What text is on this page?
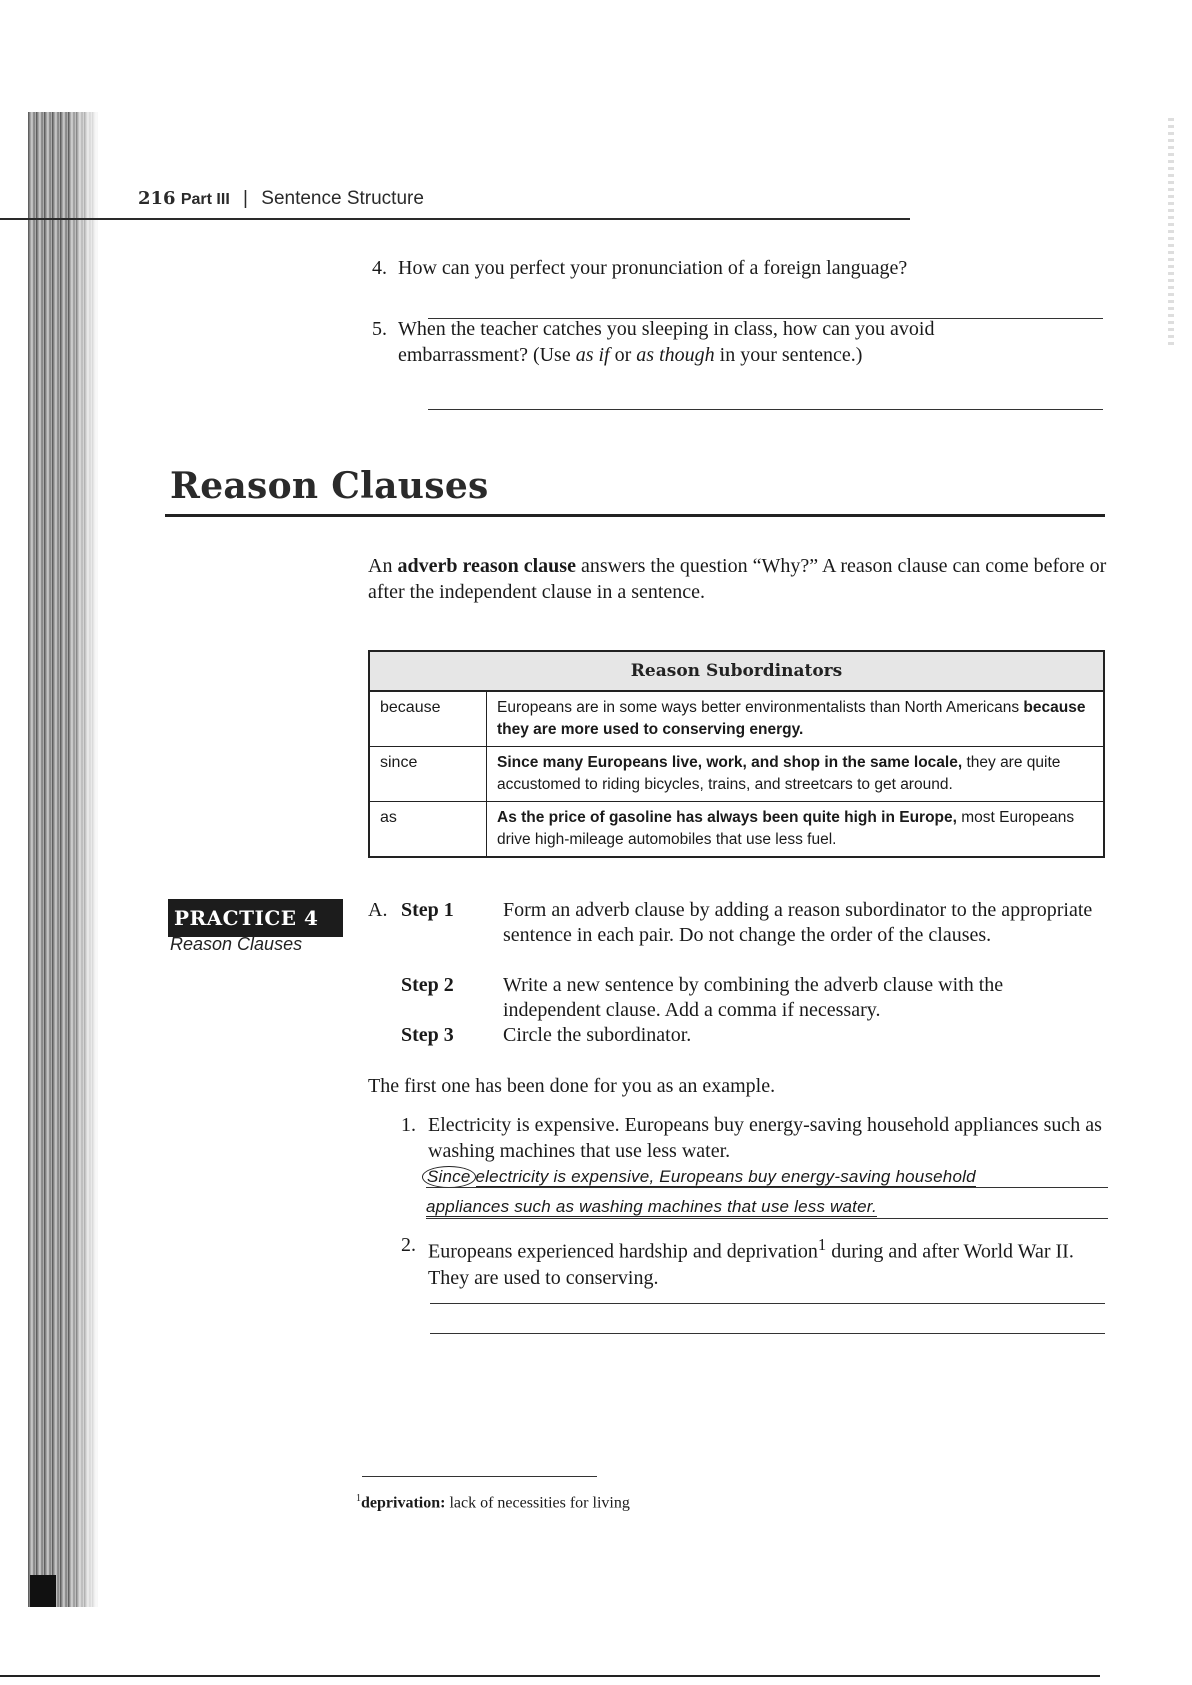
216 Part III | Sentence Structure
4. How can you perfect your pronunciation of a foreign language?
5. When the teacher catches you sleeping in class, how can you avoid
embarrassment? (Use as if or as though in your sentence.)
Reason Clauses
An adverb reason clause answers the question “Why?” A reason clause can come before or after the independent clause in a sentence.
Reason Subordinators	
because	Europeans are in some ways better environmentalists than North Americans because they are more used to conserving energy.
since	Since many Europeans live, work, and shop in the same locale, they are quite accustomed to riding bicycles, trains, and streetcars to get around.
as	As the price of gasoline has always been quite high in Europe, most Europeans drive high-mileage automobiles that use less fuel.
PRACTICE 4
Reason Clauses
A. Step 1	Form an adverb clause by adding a reason subordinator to the appropriate sentence in each pair. Do not change the order of the clauses.
Step 2	Write a new sentence by combining the adverb clause with the independent clause. Add a comma if necessary.
Step 3	Circle the subordinator.
The first one has been done for you as an example.
1. Electricity is expensive. Europeans buy energy-saving household appliances such as washing machines that use less water.
Since electricity is expensive, Europeans buy energy-saving household
appliances such as washing machines that use less water.
2. Europeans experienced hardship and deprivation$^1$ during and after World War II. They are used to conserving.
$^1$deprivation: lack of necessities for living
